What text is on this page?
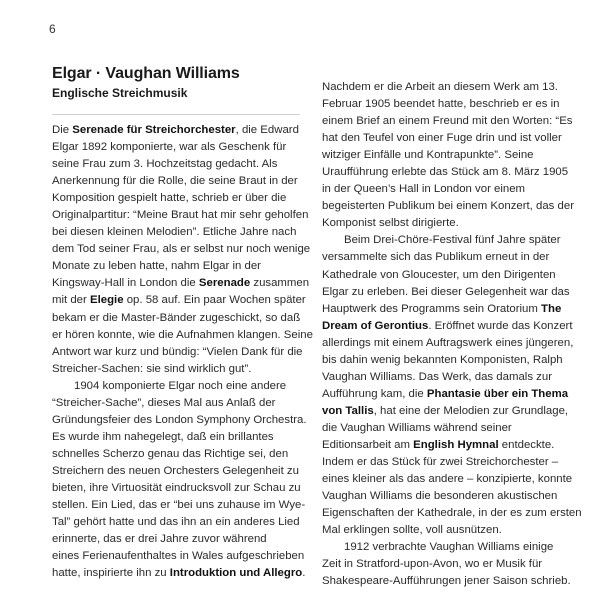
6
Elgar · Vaughan Williams
Englische Streichmusik
Die Serenade für Streichorchester, die Edward
Elgar 1892 komponierte, war als Geschenk für
seine Frau zum 3. Hochzeitstag gedacht. Als
Anerkennung für die Rolle, die seine Braut in der
Komposition gespielt hatte, schrieb er über die
Originalpartitur: “Meine Braut hat mir sehr geholfen
bei diesen kleinen Melodien”. Etliche Jahre nach
dem Tod seiner Frau, als er selbst nur noch wenige
Monate zu leben hatte, nahm Elgar in der
Kingsway-Hall in London die Serenade zusammen
mit der Elegie op. 58 auf. Ein paar Wochen später
bekam er die Master-Bänder zugeschickt, so daß
er hören konnte, wie die Aufnahmen klangen. Seine
Antwort war kurz und bündig: “Vielen Dank für die
Streicher-Sachen: sie sind wirklich gut”.
1904 komponierte Elgar noch eine andere
“Streicher-Sache”, dieses Mal aus Anlaß der
Gründungsfeier des London Symphony Orchestra.
Es wurde ihm nahegelegt, daß ein brillantes
schnelles Scherzo genau das Richtige sei, den
Streichern des neuen Orchesters Gelegenheit zu
bieten, ihre Virtuosität eindrucksvoll zur Schau zu
stellen. Ein Lied, das er “bei uns zuhause im Wye-
Tal” gehört hatte und das ihn an ein anderes Lied
erinnerte, das er drei Jahre zuvor während
eines Ferienaufenthaltes in Wales aufgeschrieben
hatte, inspirierte ihn zu Introduktion und Allegro.
Nachdem er die Arbeit an diesem Werk am 13.
Februar 1905 beendet hatte, beschrieb er es in
einem Brief an einem Freund mit den Worten: “Es
hat den Teufel von einer Fuge drin und ist voller
witziger Einfälle und Kontrapunkte”. Seine
Uraufführung erlebte das Stück am 8. März 1905
in der Queen’s Hall in London vor einem
begeisterten Publikum bei einem Konzert, das der
Komponist selbst dirigierte.
Beim Drei-Chöre-Festival fünf Jahre später
versammelte sich das Publikum erneut in der
Kathedrale von Gloucester, um den Dirigenten
Elgar zu erleben. Bei dieser Gelegenheit war das
Hauptwerk des Programms sein Oratorium The
Dream of Gerontius. Eröffnet wurde das Konzert
allerdings mit einem Auftragswerk eines jüngeren,
bis dahin wenig bekannten Komponisten, Ralph
Vaughan Williams. Das Werk, das damals zur
Aufführung kam, die Phantasie über ein Thema
von Tallis, hat eine der Melodien zur Grundlage,
die Vaughan Williams während seiner
Editionsarbeit am English Hymnal entdeckte.
Indem er das Stück für zwei Streichorchester –
eines kleiner als das andere – konzipierte, konnte
Vaughan Williams die besonderen akustischen
Eigenschaften der Kathedrale, in der es zum ersten
Mal erklingen sollte, voll ausnützen.
1912 verbrachte Vaughan Williams einige
Zeit in Stratford-upon-Avon, wo er Musik für
Shakespeare-Aufführungen jener Saison schrieb.
